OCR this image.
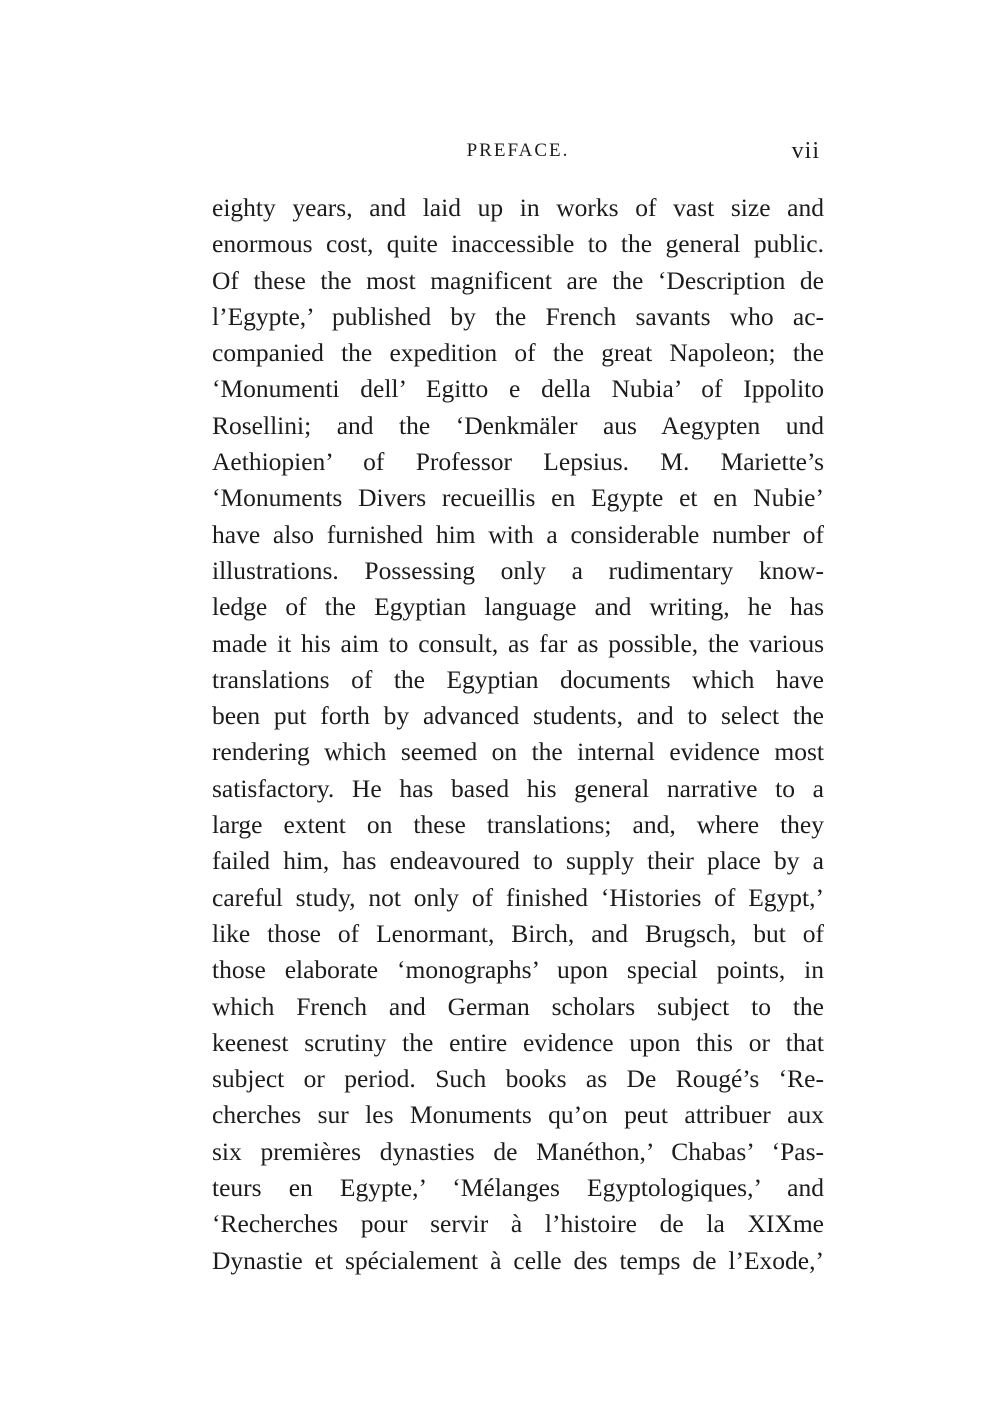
PREFACE.	vii
eighty years, and laid up in works of vast size and
enormous cost, quite inaccessible to the general public.
Of these the most magnificent are the ‘Description de
l’Egypte,’ published by the French savants who ac-
companied the expedition of the great Napoleon; the
‘Monumenti dell’ Egitto e della Nubia’ of Ippolito
Rosellini; and the ‘Denkmäler aus Aegypten und
Aethiopien’ of Professor Lepsius. M. Mariette’s
‘Monuments Divers recueillis en Egypte et en Nubie’
have also furnished him with a considerable number of
illustrations. Possessing only a rudimentary know-
ledge of the Egyptian language and writing, he has
made it his aim to consult, as far as possible, the various
translations of the Egyptian documents which have
been put forth by advanced students, and to select the
rendering which seemed on the internal evidence most
satisfactory. He has based his general narrative to a
large extent on these translations; and, where they
failed him, has endeavoured to supply their place by a
careful study, not only of finished ‘Histories of Egypt,’
like those of Lenormant, Birch, and Brugsch, but of
those elaborate ‘monographs’ upon special points, in
which French and German scholars subject to the
keenest scrutiny the entire evidence upon this or that
subject or period. Such books as De Rougé’s ‘Re-
cherches sur les Monuments qu’on peut attribuer aux
six premières dynasties de Manéthon,’ Chabas’ ‘Pas-
teurs en Egypte,’ ‘Mélanges Egyptologiques,’ and
‘Recherches pour servir à l’histoire de la XIXme
Dynastie et spécialement à celle des temps de l’Exode,’
